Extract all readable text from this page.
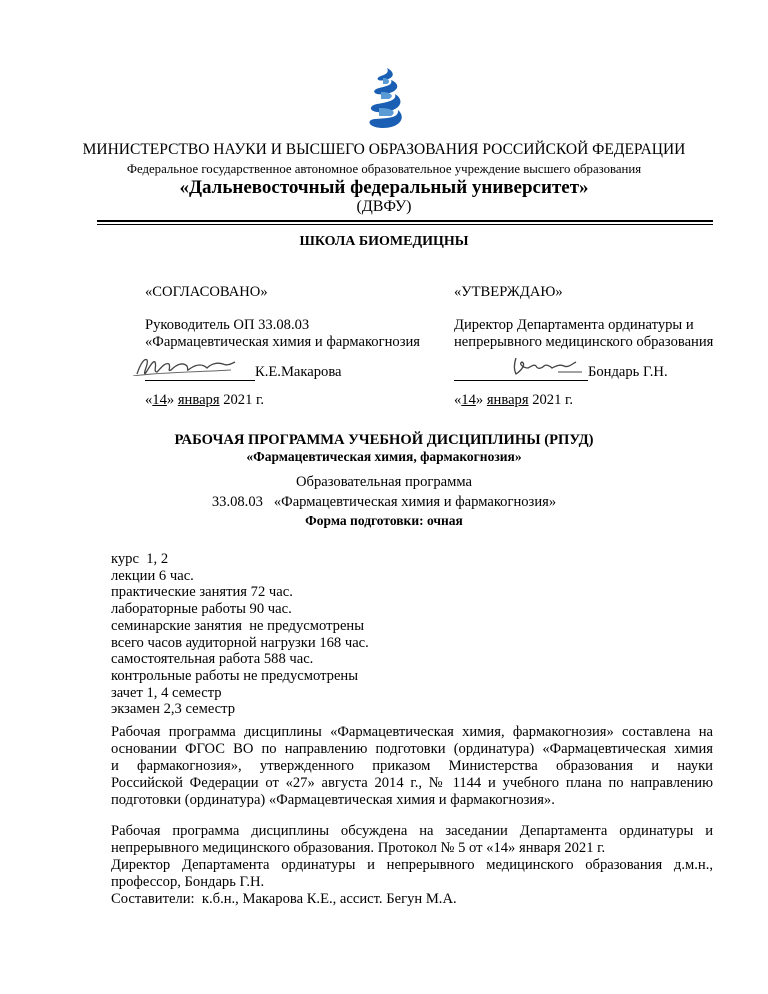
МИНИСТЕРСТВО НАУКИ И ВЫСШЕГО ОБРАЗОВАНИЯ РОССИЙСКОЙ ФЕДЕРАЦИИ
Федеральное государственное автономное образовательное учреждение высшего образования
«Дальневосточный федеральный университет»
(ДВФУ)
ШКОЛА БИОМЕДИЦНЫ
«СОГЛАСОВАНО»
Руководитель ОП 33.08.03
«Фармацевтическая химия и фармакогнозия
К.Е.Макарова
«14» января 2021 г.
«УТВЕРЖДАЮ»
Директор Департамента ординатуры и
непрерывного медицинского образования
Бондарь Г.Н.
«14» января 2021 г.
РАБОЧАЯ ПРОГРАММА УЧЕБНОЙ ДИСЦИПЛИНЫ (РПУД)
«Фармацевтическая химия, фармакогнозия»
Образовательная программа
33.08.03   «Фармацевтическая химия и фармакогнозия»
Форма подготовки: очная
курс  1, 2
лекции 6 час.
практические занятия 72 час.
лабораторные работы 90 час.
семинарские занятия  не предусмотрены
всего часов аудиторной нагрузки 168 час.
самостоятельная работа 588 час.
контрольные работы не предусмотрены
зачет 1, 4 семестр
экзамен 2,3 семестр
Рабочая программа дисциплины «Фармацевтическая химия, фармакогнозия» составлена на
основании ФГОС ВО по направлению подготовки (ординатура) «Фармацевтическая химия
и фармакогнозия», утвержденного приказом Министерства образования и науки
Российской Федерации от «27» августа 2014 г., № 1144 и учебного плана по направлению
подготовки (ординатура) «Фармацевтическая химия и фармакогнозия».
Рабочая программа дисциплины обсуждена на заседании Департамента ординатуры и
непрерывного медицинского образования. Протокол № 5 от «14» января 2021 г.
Директор Департамента ординатуры и непрерывного медицинского образования д.м.н.,
профессор, Бондарь Г.Н.
Составители:  к.б.н., Макарова К.Е., ассист. Бегун М.А.
